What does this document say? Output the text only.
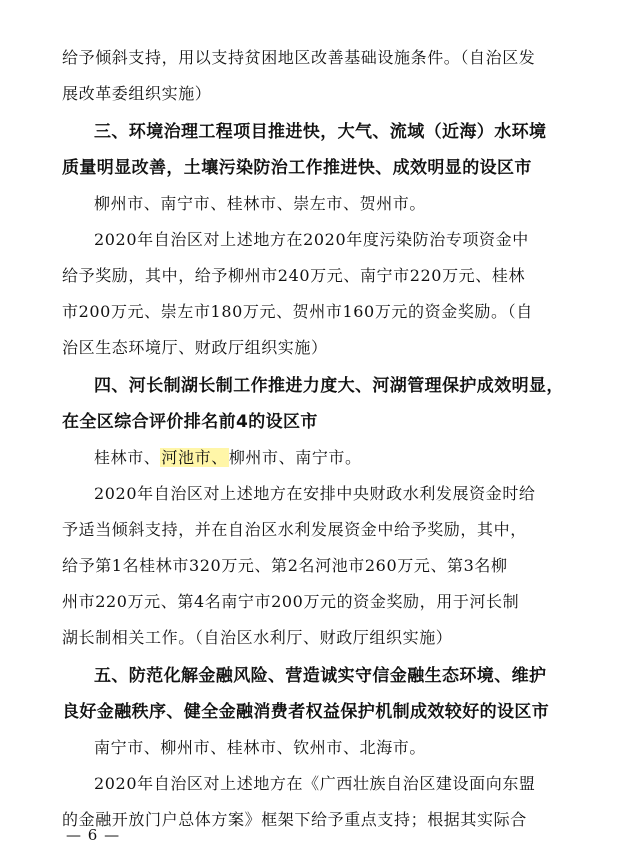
给予倾斜支持，用以支持贫困地区改善基础设施条件。（自治区发
展改革委组织实施）
三、环境治理工程项目推进快，大气、流域（近海）水环境
质量明显改善，土壤污染防治工作推进快、成效明显的设区市
柳州市、南宁市、桂林市、崇左市、贺州市。
2020年自治区对上述地方在2020年度污染防治专项资金中
给予奖励，其中，给予柳州市240万元、南宁市220万元、桂林
市200万元、崇左市180万元、贺州市160万元的资金奖励。（自
治区生态环境厅、财政厅组织实施）
四、河长制湖长制工作推进力度大、河湖管理保护成效明显，
在全区综合评价排名前4的设区市
桂林市、河池市、柳州市、南宁市。
2020年自治区对上述地方在安排中央财政水利发展资金时给
予适当倾斜支持，并在自治区水利发展资金中给予奖励，其中，
给予第1名桂林市320万元、第2名河池市260万元、第3名柳
州市220万元、第4名南宁市200万元的资金奖励，用于河长制
湖长制相关工作。（自治区水利厅、财政厅组织实施）
五、防范化解金融风险、营造诚实守信金融生态环境、维护
良好金融秩序、健全金融消费者权益保护机制成效较好的设区市
南宁市、柳州市、桂林市、钦州市、北海市。
2020年自治区对上述地方在《广西壮族自治区建设面向东盟
的金融开放门户总体方案》框架下给予重点支持；根据其实际合
— 6 —
